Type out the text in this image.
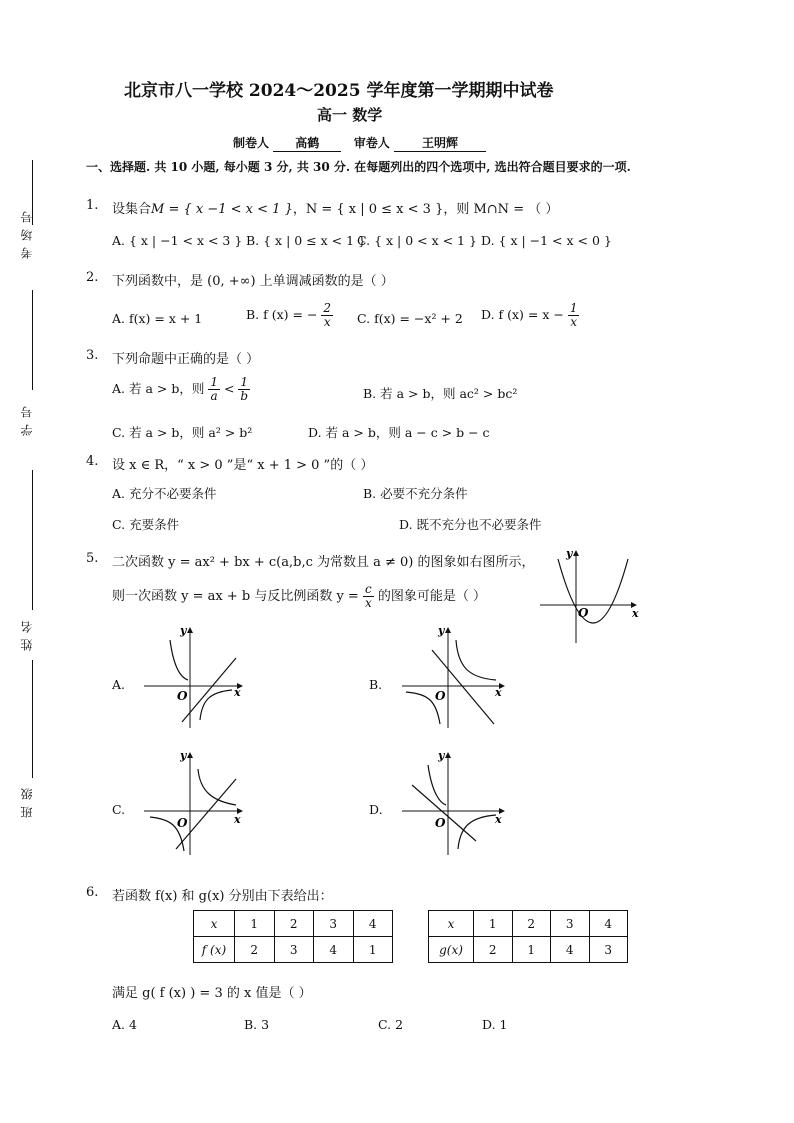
北京市八一学校 2024～2025 学年度第一学期期中试卷
高一 数学
制卷人 高鹤	审卷人	王明辉
考场号
学号
姓名
班级
一、选择题. 共 10 小题, 每小题 3 分, 共 30 分. 在每题列出的四个选项中, 选出符合题目要求的一项.
1. 设集合M = { x −1 < x < 1 }，N = { x | 0 ≤ x < 3 }，则 M∩N = （ ）
A. { x | −1 < x < 3 } B. { x | 0 ≤ x < 1 }
C. { x | 0 < x < 1 } D. { x | −1 < x < 0 }
2. 下列函数中，是 (0, +∞) 上单调减函数的是（ ）
A. f(x) = x + 1	B. f (x) = − $\frac{2}{x} C$. f(x) = −x² + 2 D. f $(x) = x - \frac{1}{x}$
3. 下列命题中正确的是（ ）
A. 若 a > b，则 $\frac{1}{a} < \frac{1}{b}$	B. 若 a > b，则 ac² > bc²
C. 若 a > b，则 a² > b²	D. 若 a > b，则 a − c > b − c
4. 设 x ∈ R，“ x > 0 ”是“ x + 1 > 0 ”的（ ）
A. 充分不必要条件	B. 必要不充分条件
C. 充要条件	D. 既不充分也不必要条件
5. 二次函数 y = ax² + bx + c(a,b,c 为常数且 a ≠ 0) 的图象如右图所示，
则一次函数 y = ax + b 与反比例函数 $y = \frac{c}{x}$ 的图象可能是（ ）
y
x
O
A.
y
x
O
B.
y
x
O
C.
y
x
O
D.
y
x
O
6. 若函数 f(x) 和 g(x) 分别由下表给出：
x	1	2	3	4
f (x)	2	3	4	1
x	1	2	3	4
g(x)	2	1	4	3
满足 g( f (x) ) = 3 的 x 值是（ ）
A. 4	B. 3	C. 2	D. 1
